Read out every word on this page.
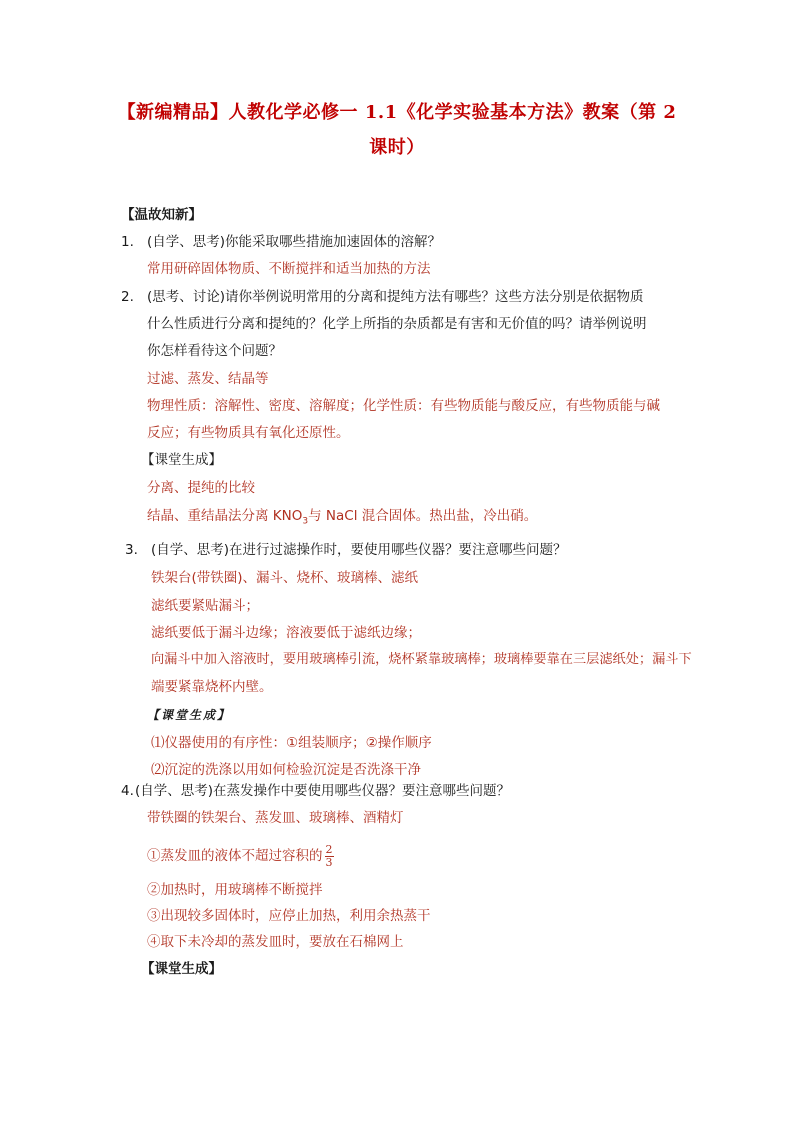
【新编精品】人教化学必修一 1.1《化学实验基本方法》教案（第 2
课时）
【温故知新】
1. (自学、思考)你能采取哪些措施加速固体的溶解？
常用研碎固体物质、不断搅拌和适当加热的方法
2. (思考、讨论)请你举例说明常用的分离和提纯方法有哪些？这些方法分别是依据物质
什么性质进行分离和提纯的？化学上所指的杂质都是有害和无价值的吗？请举例说明
你怎样看待这个问题？
过滤、蒸发、结晶等
物理性质：溶解性、密度、溶解度；化学性质：有些物质能与酸反应，有些物质能与碱
反应；有些物质具有氧化还原性。
【课堂生成】
分离、提纯的比较
结晶、重结晶法分离 $KNO_3$与 NaCl 混合固体。热出盐，冷出硝。
3. (自学、思考)在进行过滤操作时，要使用哪些仪器？要注意哪些问题？
铁架台(带铁圈)、漏斗、烧杯、玻璃棒、滤纸
滤纸要紧贴漏斗；
滤纸要低于漏斗边缘；溶液要低于滤纸边缘；
向漏斗中加入溶液时，要用玻璃棒引流，烧杯紧靠玻璃棒；玻璃棒要靠在三层滤纸处；漏斗下
端要紧靠烧杯内壁。
【课堂生成】
⑴仪器使用的有序性：①组装顺序；②操作顺序
⑵沉淀的洗涤以用如何检验沉淀是否洗涤干净
4. (自学、思考)在蒸发操作中要使用哪些仪器？要注意哪些问题？
带铁圈的铁架台、蒸发皿、玻璃棒、酒精灯
①蒸发皿的液体不超过容积的 $\frac{2}{3}$
②加热时，用玻璃棒不断搅拌
③出现较多固体时，应停止加热，利用余热蒸干
④取下未冷却的蒸发皿时，要放在石棉网上
【课堂生成】
